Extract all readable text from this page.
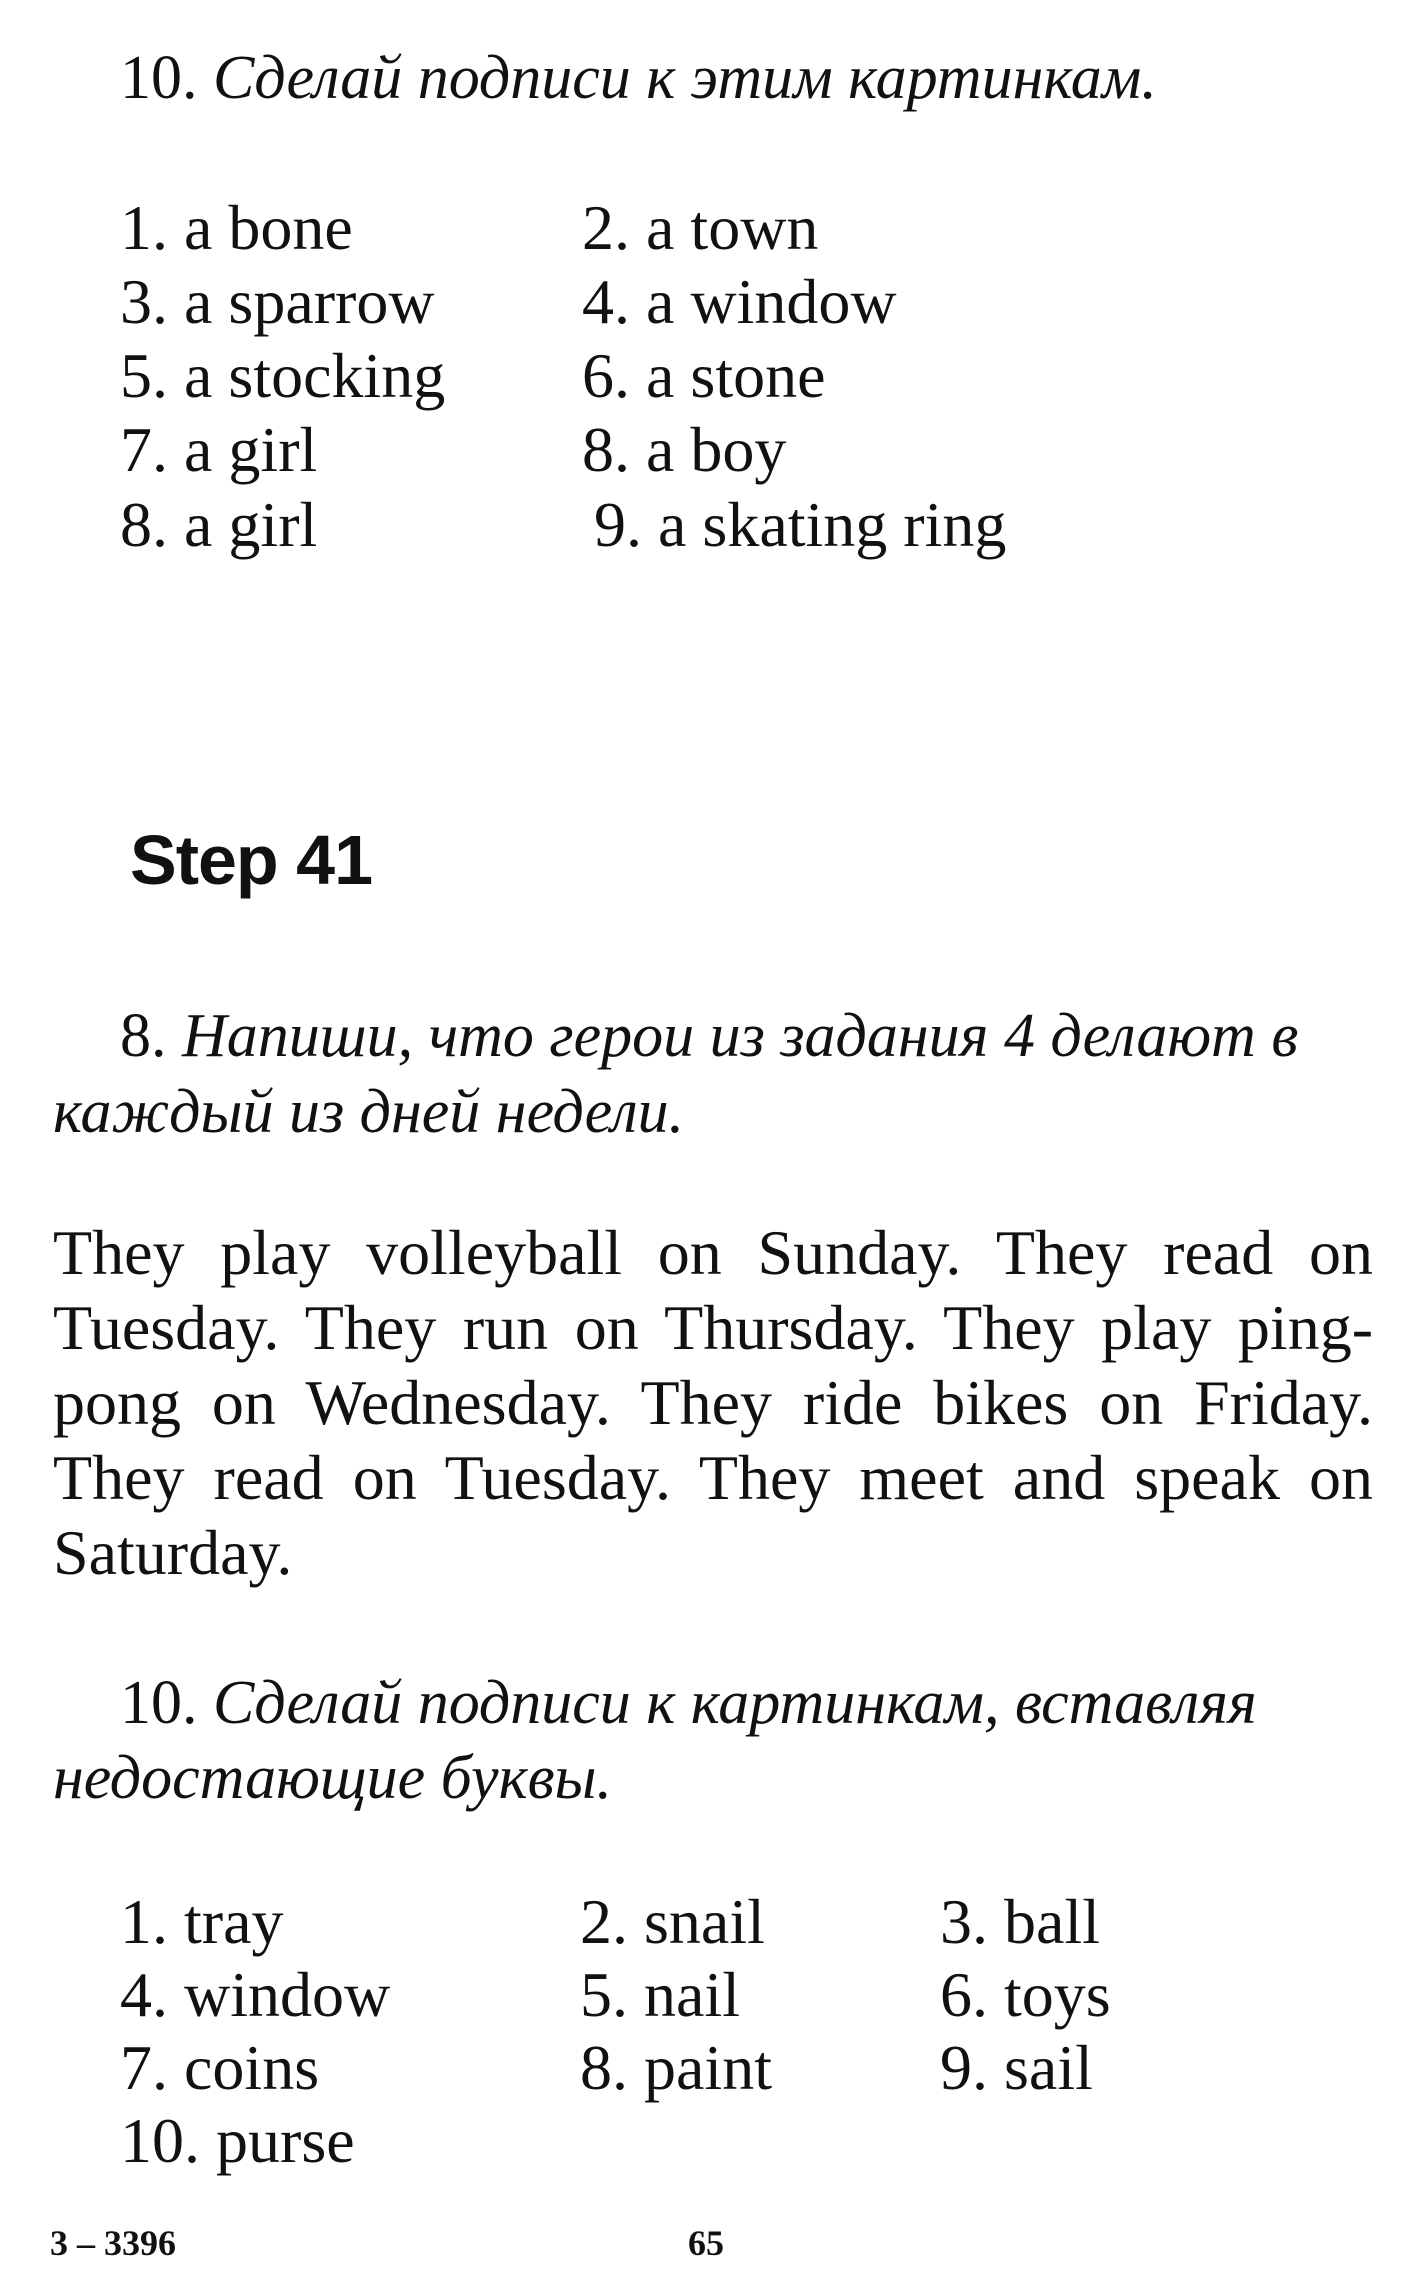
10. Сделай подписи к этим картинкам.
1. a bone	2. a town
3. a sparrow 4. a window
5. a stocking 6. a stone
7. a girl	8. a boy
8. a girl	9. a skating ring
Step 41
8. Напиши, что герои из задания 4 делают в
каждый из дней недели.
They play volleyball on Sunday. They read on Tuesday. They run on Thursday. They play ping-pong on Wednesday. They ride bikes on Friday. They read on Tuesday. They meet and speak on Saturday.
10. Сделай подписи к картинкам, вставляя
недостающие буквы.
1. tray	2. snail	3. ball
4. window	5. nail	6. toys
7. coins	8. paint	9. sail
10. purse
3 – 3396	65
